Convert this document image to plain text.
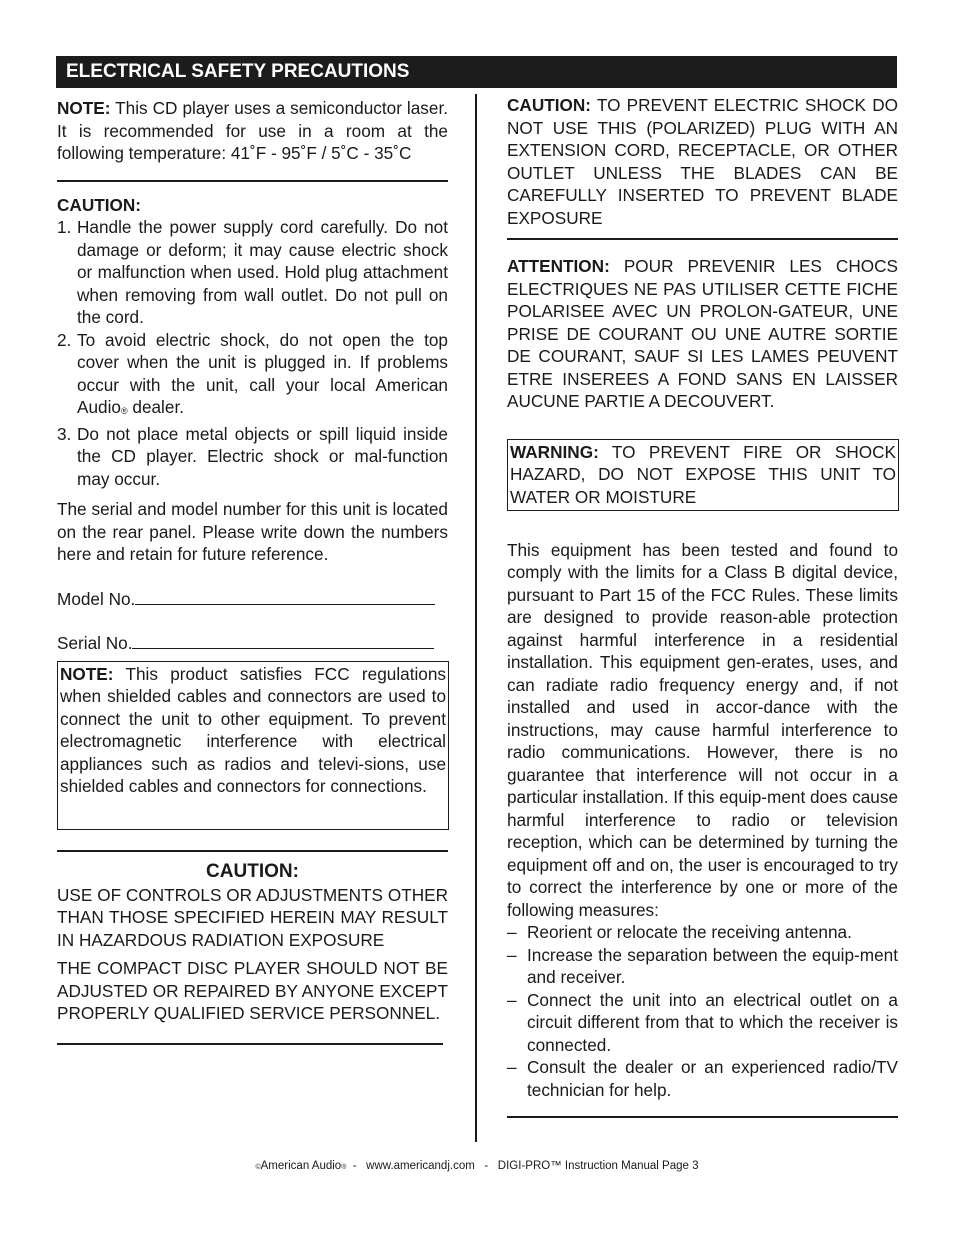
ELECTRICAL SAFETY PRECAUTIONS

NOTE: This CD player uses a semiconductor laser. It is recommended for use in a room at the following temperature: 41˚F - 95˚F / 5˚C - 35˚C

CAUTION:
1. Handle the power supply cord carefully. Do not damage or deform; it may cause electric shock or malfunction when used. Hold plug attachment when removing from wall outlet. Do not pull on the cord.
2. To avoid electric shock, do not open the top cover when the unit is plugged in. If problems occur with the unit, call your local American Audio® dealer.
3. Do not place metal objects or spill liquid inside the CD player. Electric shock or mal-function may occur.

The serial and model number for this unit is located on the rear panel. Please write down the numbers here and retain for future reference.

Model No.
Serial No.

NOTE: This product satisfies FCC regulations when shielded cables and connectors are used to connect the unit to other equipment. To prevent electromagnetic interference with electrical appliances such as radios and televi-sions, use shielded cables and connectors for connections.

CAUTION:

USE OF CONTROLS OR ADJUSTMENTS OTHER THAN THOSE SPECIFIED HEREIN MAY RESULT IN HAZARDOUS RADIATION EXPOSURE

THE COMPACT DISC PLAYER SHOULD NOT BE ADJUSTED OR REPAIRED BY ANYONE EXCEPT PROPERLY QUALIFIED SERVICE PERSONNEL.

CAUTION: TO PREVENT ELECTRIC SHOCK DO NOT USE THIS (POLARIZED) PLUG WITH AN EXTENSION CORD, RECEPTACLE, OR OTHER OUTLET UNLESS THE BLADES CAN BE CAREFULLY INSERTED TO PREVENT BLADE EXPOSURE

ATTENTION: POUR PREVENIR LES CHOCS ELECTRIQUES NE PAS UTILISER CETTE FICHE POLARISEE AVEC UN PROLON-GATEUR, UNE PRISE DE COURANT OU UNE AUTRE SORTIE DE COURANT, SAUF SI LES LAMES PEUVENT ETRE INSEREES A FOND SANS EN LAISSER AUCUNE PARTIE A DECOUVERT.

WARNING: TO PREVENT FIRE OR SHOCK HAZARD, DO NOT EXPOSE THIS UNIT TO WATER OR MOISTURE

This equipment has been tested and found to comply with the limits for a Class B digital device, pursuant to Part 15 of the FCC Rules. These limits are designed to provide reason-able protection against harmful interference in a residential installation. This equipment gen-erates, uses, and can radiate radio frequency energy and, if not installed and used in accor-dance with the instructions, may cause harmful interference to radio communications. However, there is no guarantee that interference will not occur in a particular installation. If this equip-ment does cause harmful interference to radio or television reception, which can be determined by turning the equipment off and on, the user is encouraged to try to correct the interference by one or more of the following measures:

– Reorient or relocate the receiving antenna.
– Increase the separation between the equip-ment and receiver.
– Connect the unit into an electrical outlet on a circuit different from that to which the receiver is connected.
– Consult the dealer or an experienced radio/TV technician for help.
©American Audio®  -   www.americandj.com   -   DIGI-PRO™ Instruction Manual Page 3
